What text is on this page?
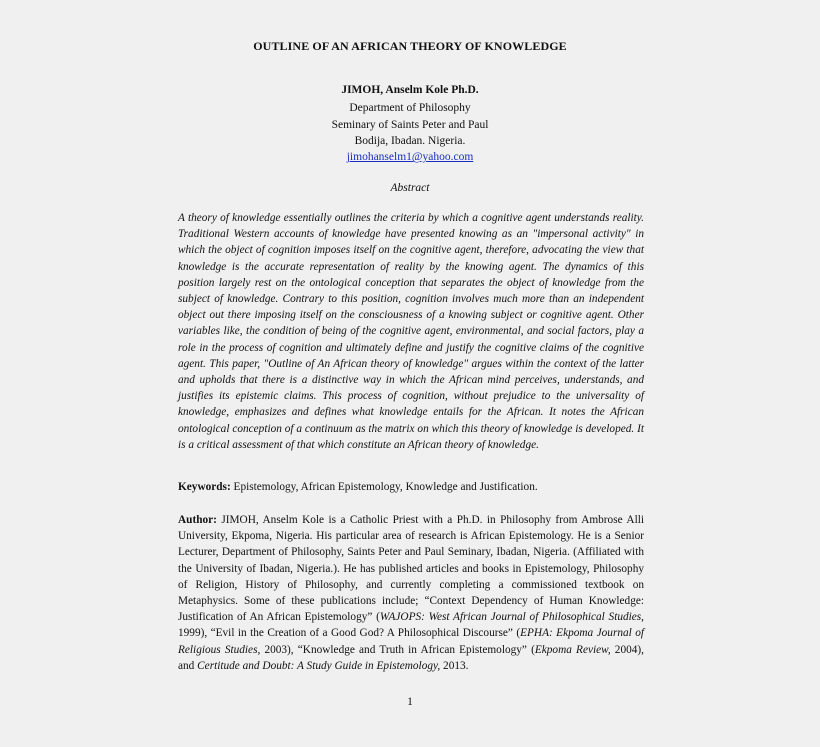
OUTLINE OF AN AFRICAN THEORY OF KNOWLEDGE
JIMOH, Anselm Kole Ph.D.
Department of Philosophy
Seminary of Saints Peter and Paul
Bodija, Ibadan. Nigeria.
jimohanselm1@yahoo.com
Abstract
A theory of knowledge essentially outlines the criteria by which a cognitive agent understands reality. Traditional Western accounts of knowledge have presented knowing as an "impersonal activity" in which the object of cognition imposes itself on the cognitive agent, therefore, advocating the view that knowledge is the accurate representation of reality by the knowing agent. The dynamics of this position largely rest on the ontological conception that separates the object of knowledge from the subject of knowledge. Contrary to this position, cognition involves much more than an independent object out there imposing itself on the consciousness of a knowing subject or cognitive agent. Other variables like, the condition of being of the cognitive agent, environmental, and social factors, play a role in the process of cognition and ultimately define and justify the cognitive claims of the cognitive agent. This paper, "Outline of An African theory of knowledge" argues within the context of the latter and upholds that there is a distinctive way in which the African mind perceives, understands, and justifies its epistemic claims. This process of cognition, without prejudice to the universality of knowledge, emphasizes and defines what knowledge entails for the African. It notes the African ontological conception of a continuum as the matrix on which this theory of knowledge is developed. It is a critical assessment of that which constitute an African theory of knowledge.
Keywords: Epistemology, African Epistemology, Knowledge and Justification.
Author: JIMOH, Anselm Kole is a Catholic Priest with a Ph.D. in Philosophy from Ambrose Alli University, Ekpoma, Nigeria. His particular area of research is African Epistemology. He is a Senior Lecturer, Department of Philosophy, Saints Peter and Paul Seminary, Ibadan, Nigeria. (Affiliated with the University of Ibadan, Nigeria.). He has published articles and books in Epistemology, Philosophy of Religion, History of Philosophy, and currently completing a commissioned textbook on Metaphysics. Some of these publications include; “Context Dependency of Human Knowledge: Justification of An African Epistemology” (WAJOPS: West African Journal of Philosophical Studies, 1999), “Evil in the Creation of a Good God? A Philosophical Discourse” (EPHA: Ekpoma Journal of Religious Studies, 2003), “Knowledge and Truth in African Epistemology” (Ekpoma Review, 2004), and Certitude and Doubt: A Study Guide in Epistemology, 2013.
1
